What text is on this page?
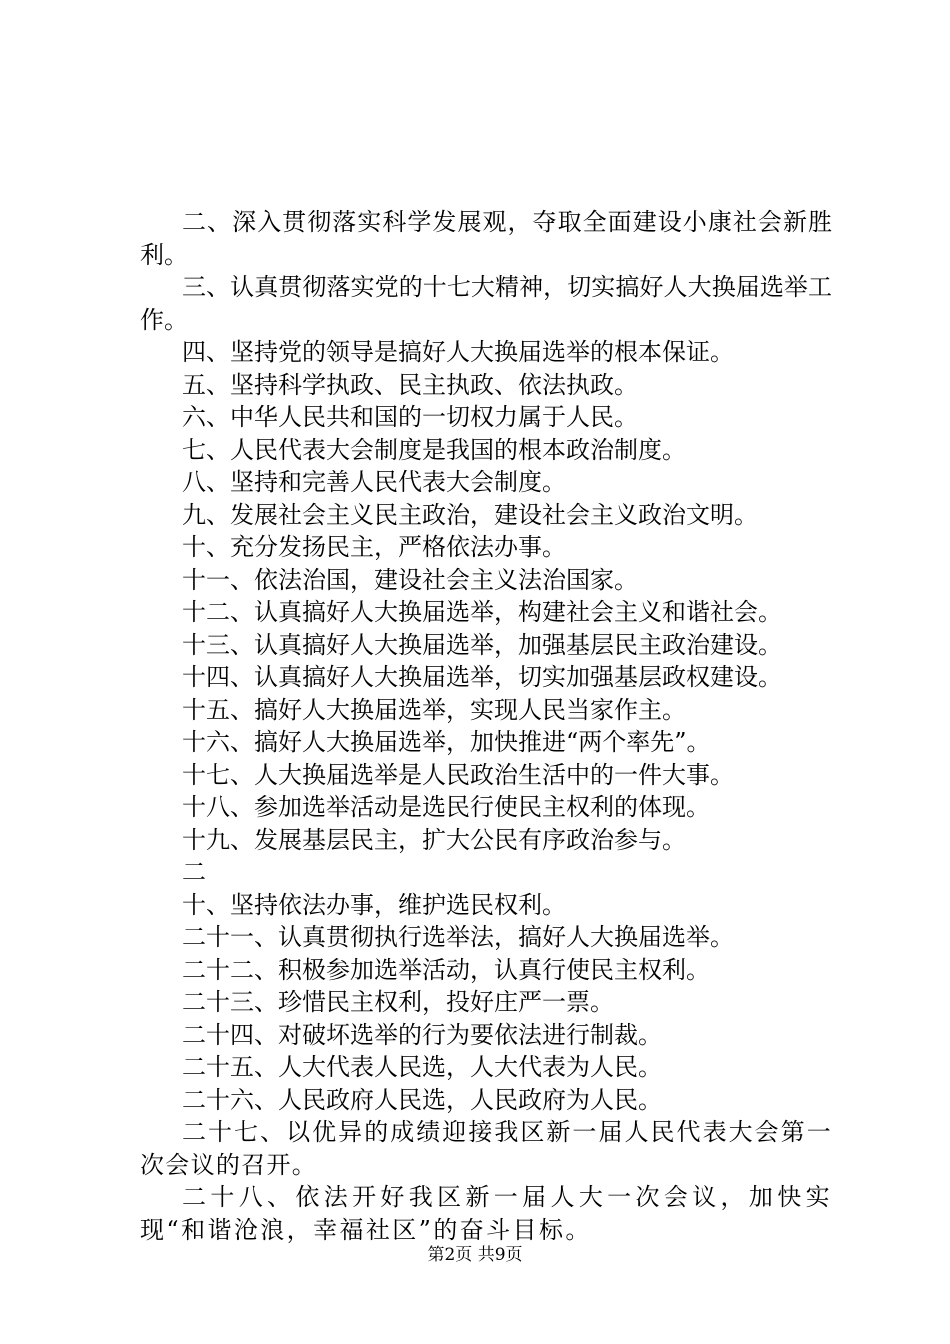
二、深入贯彻落实科学发展观，夺取全面建设小康社会新胜利。

三、认真贯彻落实党的十七大精神，切实搞好人大换届选举工作。

四、坚持党的领导是搞好人大换届选举的根本保证。

五、坚持科学执政、民主执政、依法执政。

六、中华人民共和国的一切权力属于人民。

七、人民代表大会制度是我国的根本政治制度。

八、坚持和完善人民代表大会制度。

九、发展社会主义民主政治，建设社会主义政治文明。

十、充分发扬民主，严格依法办事。

十一、依法治国，建设社会主义法治国家。

十二、认真搞好人大换届选举，构建社会主义和谐社会。

十三、认真搞好人大换届选举，加强基层民主政治建设。

十四、认真搞好人大换届选举，切实加强基层政权建设。

十五、搞好人大换届选举，实现人民当家作主。

十六、搞好人大换届选举，加快推进“两个率先”。

十七、人大换届选举是人民政治生活中的一件大事。

十八、参加选举活动是选民行使民主权利的体现。

十九、发展基层民主，扩大公民有序政治参与。

二

十、坚持依法办事，维护选民权利。

二十一、认真贯彻执行选举法，搞好人大换届选举。

二十二、积极参加选举活动，认真行使民主权利。

二十三、珍惜民主权利，投好庄严一票。

二十四、对破坏选举的行为要依法进行制裁。

二十五、人大代表人民选，人大代表为人民。

二十六、人民政府人民选，人民政府为人民。

二十七、以优异的成绩迎接我区新一届人民代表大会第一次会议的召开。

二十八、依法开好我区新一届人大一次会议，加快实现“和谐沧浪，幸福社区”的奋斗目标。

第2页 共9页
